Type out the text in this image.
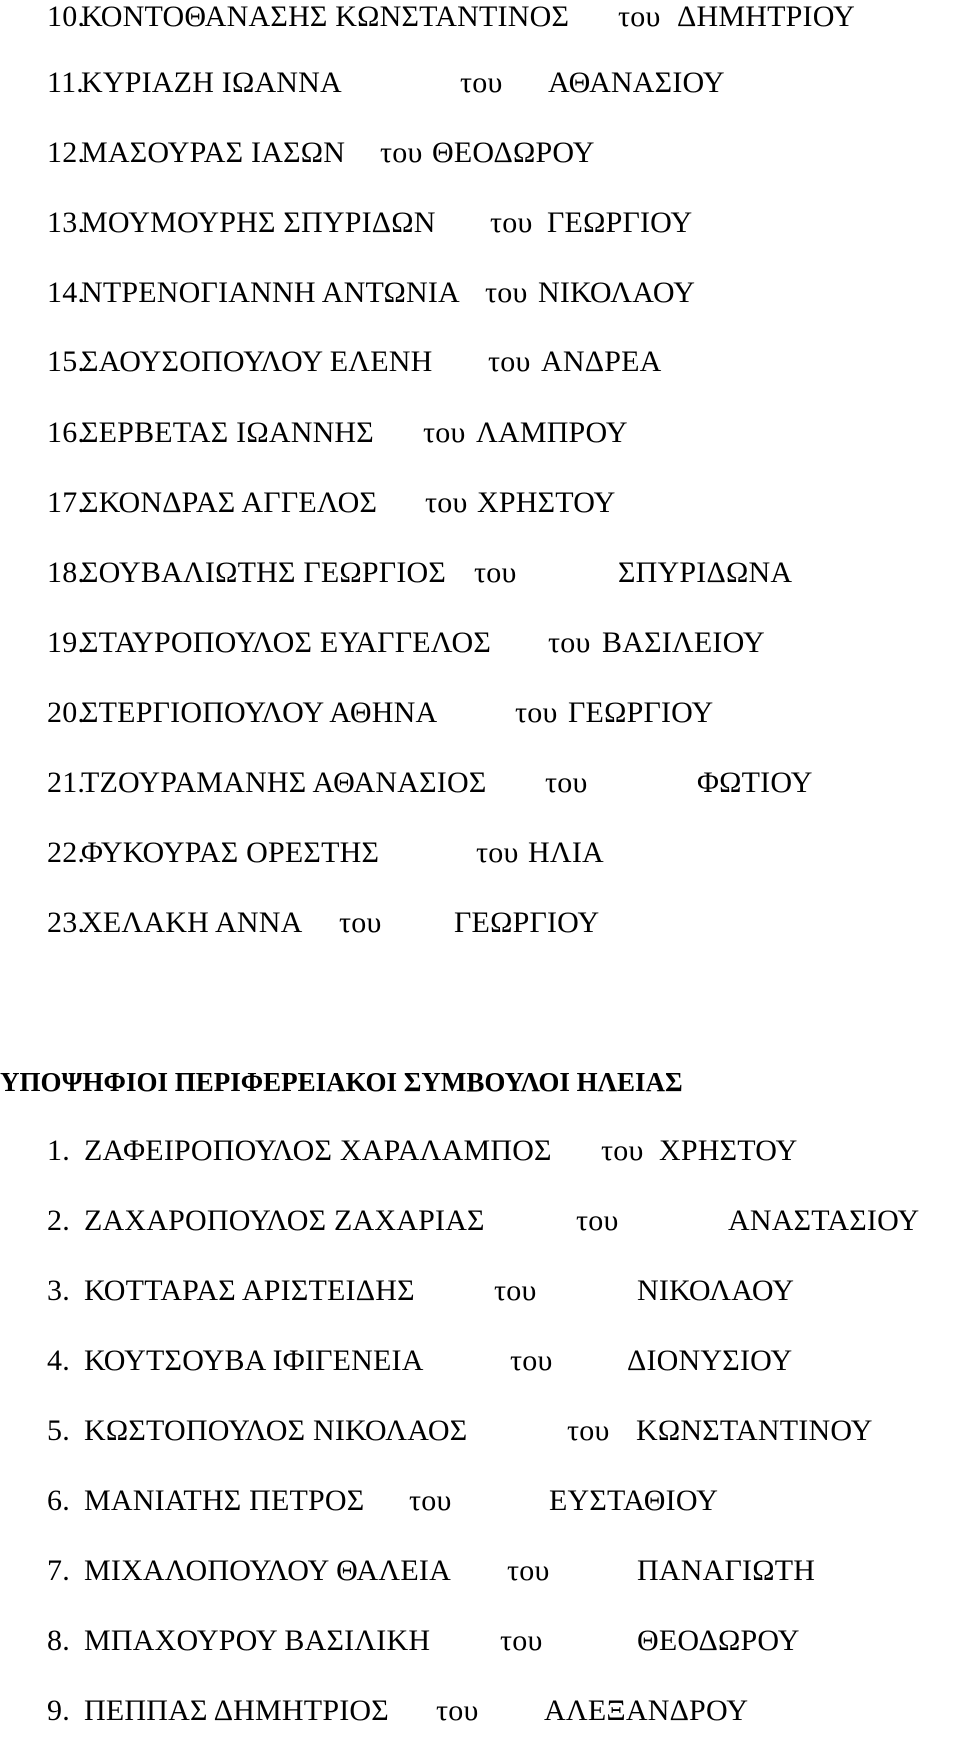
10.
ΚΟΝΤΟΘΑΝΑΣΗΣ ΚΩΝΣΤΑΝΤΙΝΟΣ του ΔΗΜΗΤΡΙΟΥ
11.
ΚΥΡΙΑΖΗ ΙΩΑΝΝΑ	του ΑΘΑΝΑΣΙΟΥ
12.
ΜΑΣΟΥΡΑΣ ΙΑΣΩΝ του ΘΕΟΔΩΡΟΥ
13.
ΜΟΥΜΟΥΡΗΣ ΣΠΥΡΙΔΩΝ του ΓΕΩΡΓΙΟΥ
14.
ΝΤΡΕΝΟΓΙΑΝΝΗ ΑΝΤΩΝΙΑ του ΝΙΚΟΛΑΟΥ
15.
ΣΑΟΥΣΟΠΟΥΛΟΥ ΕΛΕΝΗ του ΑΝΔΡΕΑ
16.
ΣΕΡΒΕΤΑΣ ΙΩΑΝΝΗΣ του ΛΑΜΠΡΟΥ
17.
ΣΚΟΝΔΡΑΣ ΑΓΓΕΛΟΣ του ΧΡΗΣΤΟΥ
18.
ΣΟΥΒΑΛΙΩΤΗΣ ΓΕΩΡΓΙΟΣ του	ΣΠΥΡΙΔΩΝΑ
19.
ΣΤΑΥΡΟΠΟΥΛΟΣ ΕΥΑΓΓΕΛΟΣ του ΒΑΣΙΛΕΙΟΥ
20.
ΣΤΕΡΓΙΟΠΟΥΛΟΥ ΑΘΗΝΑ	του ΓΕΩΡΓΙΟΥ
21.
ΤΖΟΥΡΑΜΑΝΗΣ ΑΘΑΝΑΣΙΟΣ του	ΦΩΤΙΟΥ
22.
ΦΥΚΟΥΡΑΣ ΟΡΕΣΤΗΣ	του ΗΛΙΑ
23.
ΧΕΛΑΚΗ ΑΝΝΑ του ΓΕΩΡΓΙΟΥ
ΥΠΟΨΗΦΙΟΙ ΠΕΡΙΦΕΡΕΙΑΚΟΙ ΣΥΜΒΟΥΛΟΙ ΗΛΕΙΑΣ
1. ΖΑΦΕΙΡΟΠΟΥΛΟΣ ΧΑΡΑΛΑΜΠΟΣ του ΧΡΗΣΤΟΥ
2. ΖΑΧΑΡΟΠΟΥΛΟΣ ΖΑΧΑΡΙΑΣ	του	ΑΝΑΣΤΑΣΙΟΥ
3. ΚΟΤΤΑΡΑΣ ΑΡΙΣΤΕΙΔΗΣ	του	ΝΙΚΟΛΑΟΥ
4. ΚΟΥΤΣΟΥΒΑ ΙΦΙΓΕΝΕΙΑ	του ΔΙΟΝΥΣΙΟΥ
5. ΚΩΣΤΟΠΟΥΛΟΣ ΝΙΚΟΛΑΟΣ	του ΚΩΝΣΤΑΝΤΙΝΟΥ
6. ΜΑΝΙΑΤΗΣ ΠΕΤΡΟΣ του	ΕΥΣΤΑΘΙΟΥ
7. ΜΙΧΑΛΟΠΟΥΛΟΥ ΘΑΛΕΙΑ του	ΠΑΝΑΓΙΩΤΗ
8. ΜΠΑΧΟΥΡΟΥ ΒΑΣΙΛΙΚΗ του	ΘΕΟΔΩΡΟΥ
9. ΠΕΠΠΑΣ ΔΗΜΗΤΡΙΟΣ του ΑΛΕΞΑΝΔΡΟΥ
